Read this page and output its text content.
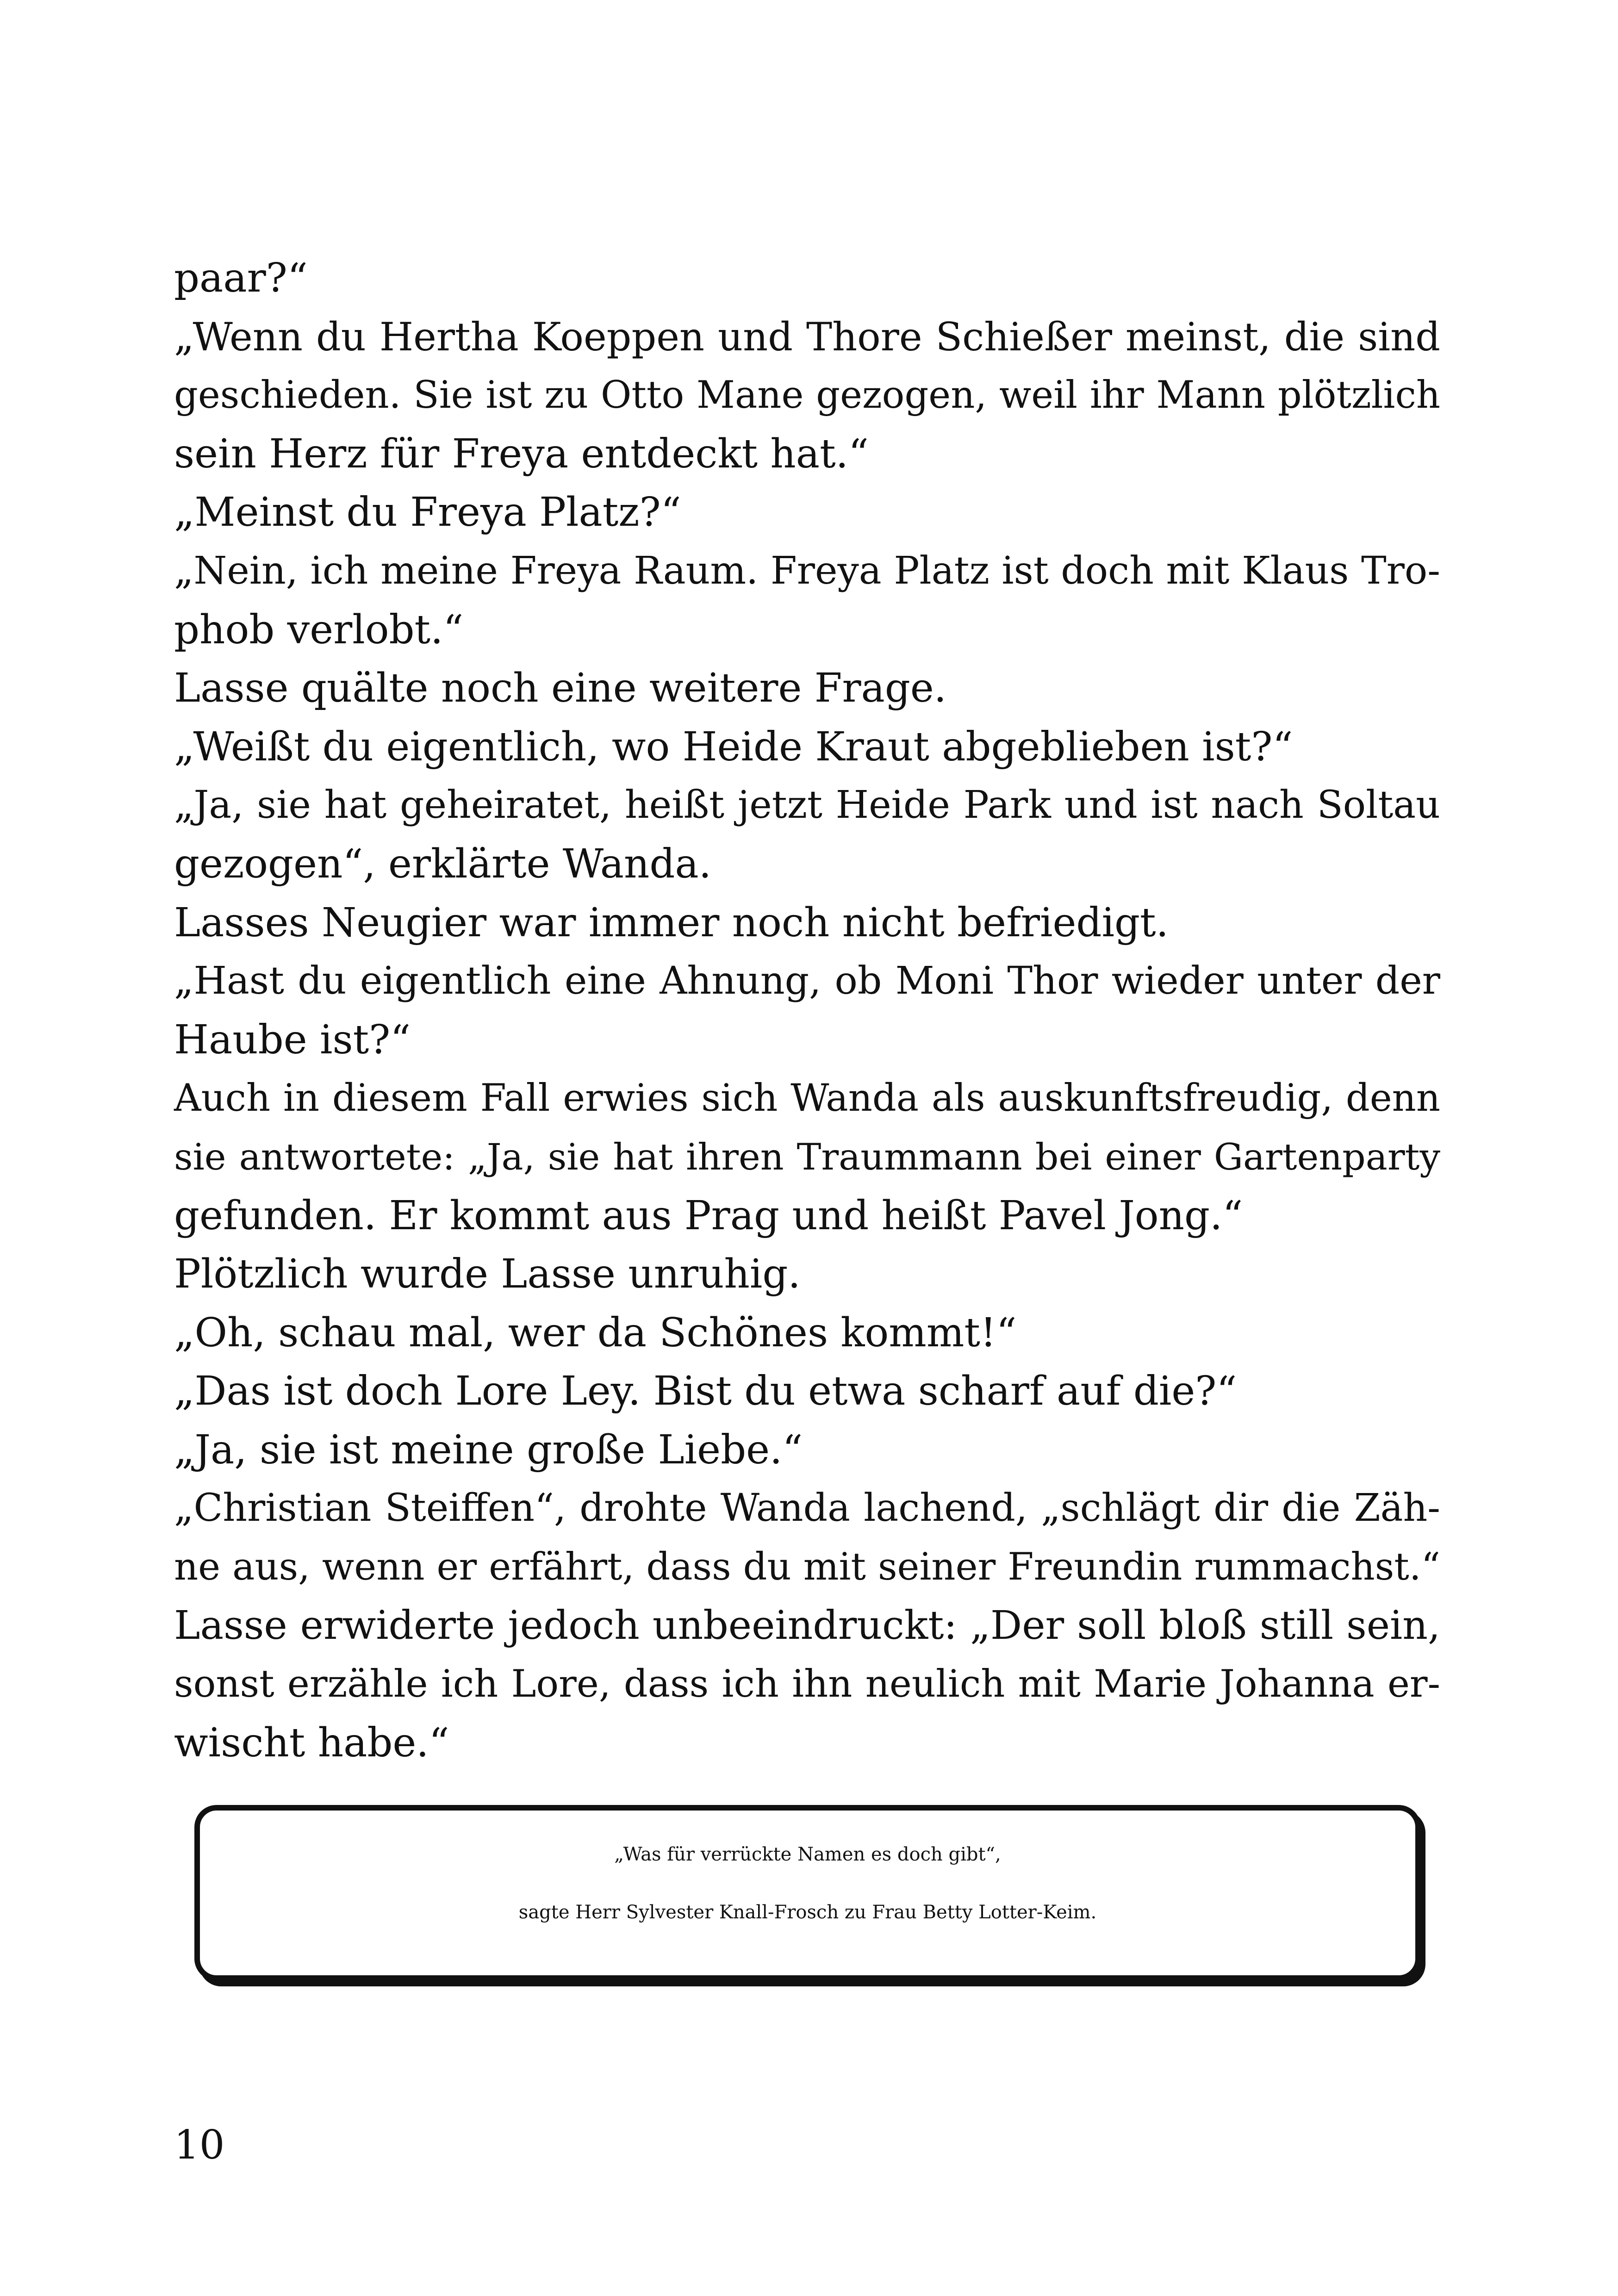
paar?“
„Wenn du Hertha Koeppen und Thore Schießer meinst, die sind
geschieden. Sie ist zu Otto Mane gezogen, weil ihr Mann plötzlich
sein Herz für Freya entdeckt hat.“
„Meinst du Freya Platz?“
„Nein, ich meine Freya Raum. Freya Platz ist doch mit Klaus Tro-
phob verlobt.“
Lasse quälte noch eine weitere Frage.
„Weißt du eigentlich, wo Heide Kraut abgeblieben ist?“
„Ja, sie hat geheiratet, heißt jetzt Heide Park und ist nach Soltau
gezogen“, erklärte Wanda.
Lasses Neugier war immer noch nicht befriedigt.
„Hast du eigentlich eine Ahnung, ob Moni Thor wieder unter der
Haube ist?“
Auch in diesem Fall erwies sich Wanda als auskunftsfreudig, denn
sie antwortete: „Ja, sie hat ihren Traummann bei einer Gartenparty
gefunden. Er kommt aus Prag und heißt Pavel Jong.“
Plötzlich wurde Lasse unruhig.
„Oh, schau mal, wer da Schönes kommt!“
„Das ist doch Lore Ley. Bist du etwa scharf auf die?“
„Ja, sie ist meine große Liebe.“
„Christian Steiffen“, drohte Wanda lachend, „schlägt dir die Zäh-
ne aus, wenn er erfährt, dass du mit seiner Freundin rummachst.“
Lasse erwiderte jedoch unbeeindruckt: „Der soll bloß still sein,
sonst erzähle ich Lore, dass ich ihn neulich mit Marie Johanna er-
wischt habe.“
„Was für verrückte Namen es doch gibt“,
sagte Herr Sylvester Knall-Frosch zu Frau Betty Lotter-Keim.
10
